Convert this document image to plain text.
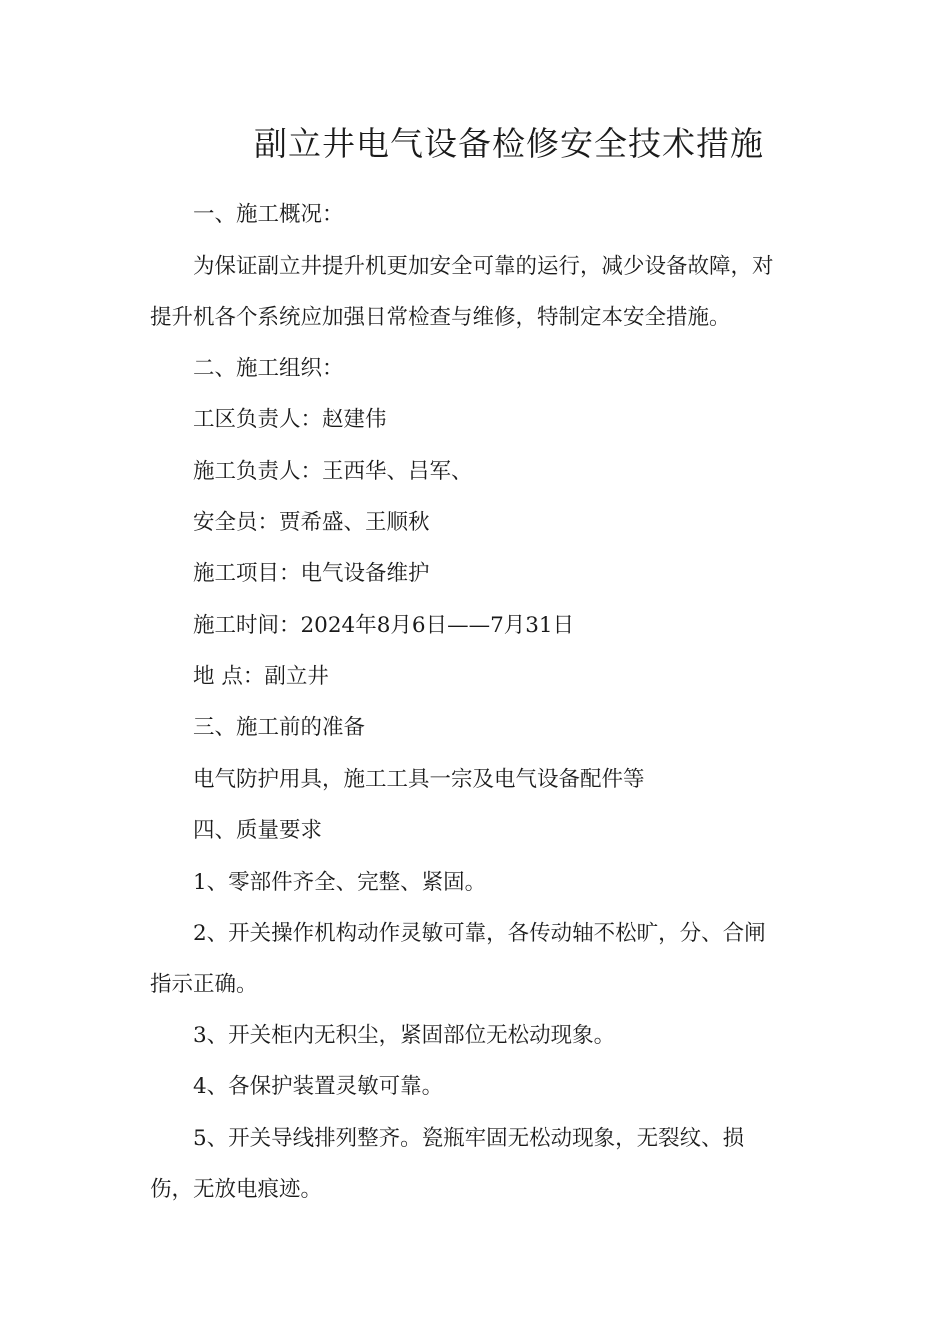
副立井电气设备检修安全技术措施
一、施工概况：
为保证副立井提升机更加安全可靠的运行，减少设备故障，对
提升机各个系统应加强日常检查与维修，特制定本安全措施。
二、施工组织：
工区负责人：赵建伟
施工负责人：王西华、吕军、
安全员：贾希盛、王顺秋
施工项目：电气设备维护
施工时间：2024年8月6日——7月31日
地 点：副立井
三、施工前的准备
电气防护用具，施工工具一宗及电气设备配件等
四、质量要求
1、零部件齐全、完整、紧固。
2、开关操作机构动作灵敏可靠，各传动轴不松旷，分、合闸
指示正确。
3、开关柜内无积尘，紧固部位无松动现象。
4、各保护装置灵敏可靠。
5、开关导线排列整齐。瓷瓶牢固无松动现象，无裂纹、损
伤，无放电痕迹。
